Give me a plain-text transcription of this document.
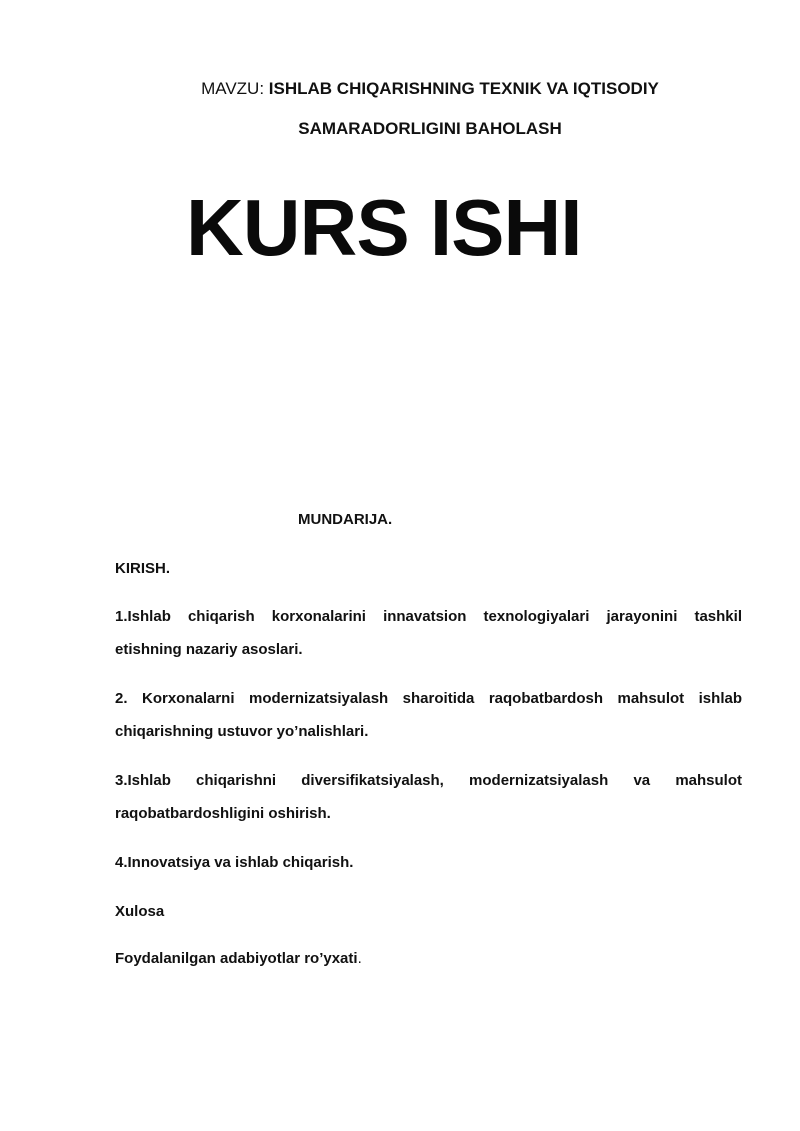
MAVZU: ISHLAB CHIQARISHNING TEXNIK VA IQTISODIY
SAMARADORLIGINI BAHOLASH
KURS ISHI
MUNDARIJA.
KIRISH.
1.Ishlab chiqarish korxonalarini innavatsion texnologiyalari jarayonini tashkil
etishning nazariy asoslari.
2. Korxonalarni modernizatsiyalash sharoitida raqobatbardosh mahsulot ishlab
chiqarishning ustuvor yo’nalishlari.
3.Ishlab chiqarishni diversifikatsiyalash, modernizatsiyalash va mahsulot
raqobatbardoshligini oshirish.
4.Innovatsiya va ishlab chiqarish.
Xulosa
Foydalanilgan adabiyotlar ro’yxati.
